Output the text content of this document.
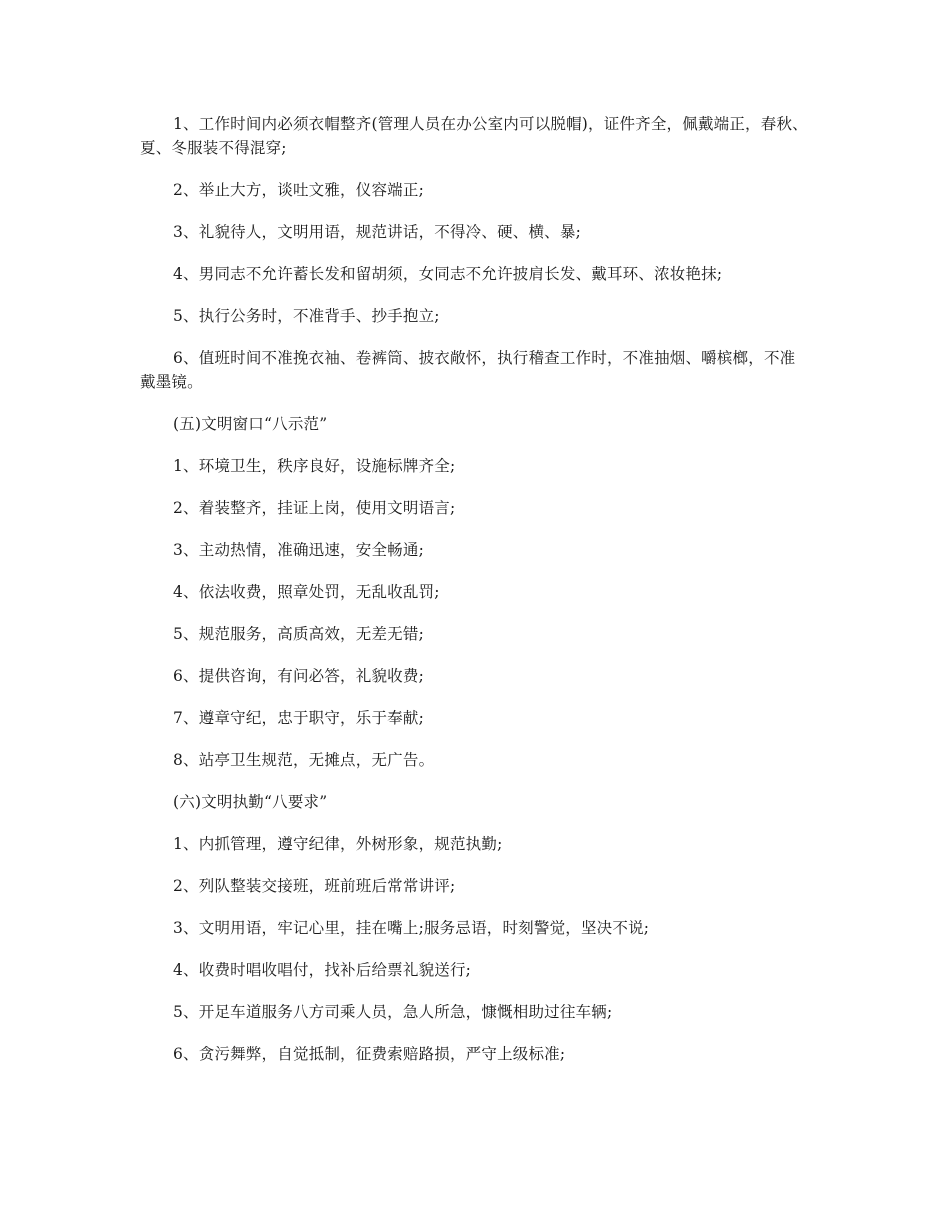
1、工作时间内必须衣帽整齐(管理人员在办公室内可以脱帽)，证件齐全，佩戴端正，春秋、夏、冬服装不得混穿;

2、举止大方，谈吐文雅，仪容端正;

3、礼貌待人，文明用语，规范讲话，不得冷、硬、横、暴;

4、男同志不允许蓄长发和留胡须，女同志不允许披肩长发、戴耳环、浓妆艳抹;

5、执行公务时，不准背手、抄手抱立;

6、值班时间不准挽衣袖、卷裤筒、披衣敞怀，执行稽查工作时，不准抽烟、嚼槟榔，不准戴墨镜。

(五)文明窗口“八示范”

1、环境卫生，秩序良好，设施标牌齐全;

2、着装整齐，挂证上岗，使用文明语言;

3、主动热情，准确迅速，安全畅通;

4、依法收费，照章处罚，无乱收乱罚;

5、规范服务，高质高效，无差无错;

6、提供咨询，有问必答，礼貌收费;

7、遵章守纪，忠于职守，乐于奉献;

8、站亭卫生规范，无摊点，无广告。

(六)文明执勤“八要求”

1、内抓管理，遵守纪律，外树形象，规范执勤;

2、列队整装交接班，班前班后常常讲评;

3、文明用语，牢记心里，挂在嘴上;服务忌语，时刻警觉，坚决不说;

4、收费时唱收唱付，找补后给票礼貌送行;

5、开足车道服务八方司乘人员，急人所急，慷慨相助过往车辆;

6、贪污舞弊，自觉抵制，征费索赔路损，严守上级标准;
